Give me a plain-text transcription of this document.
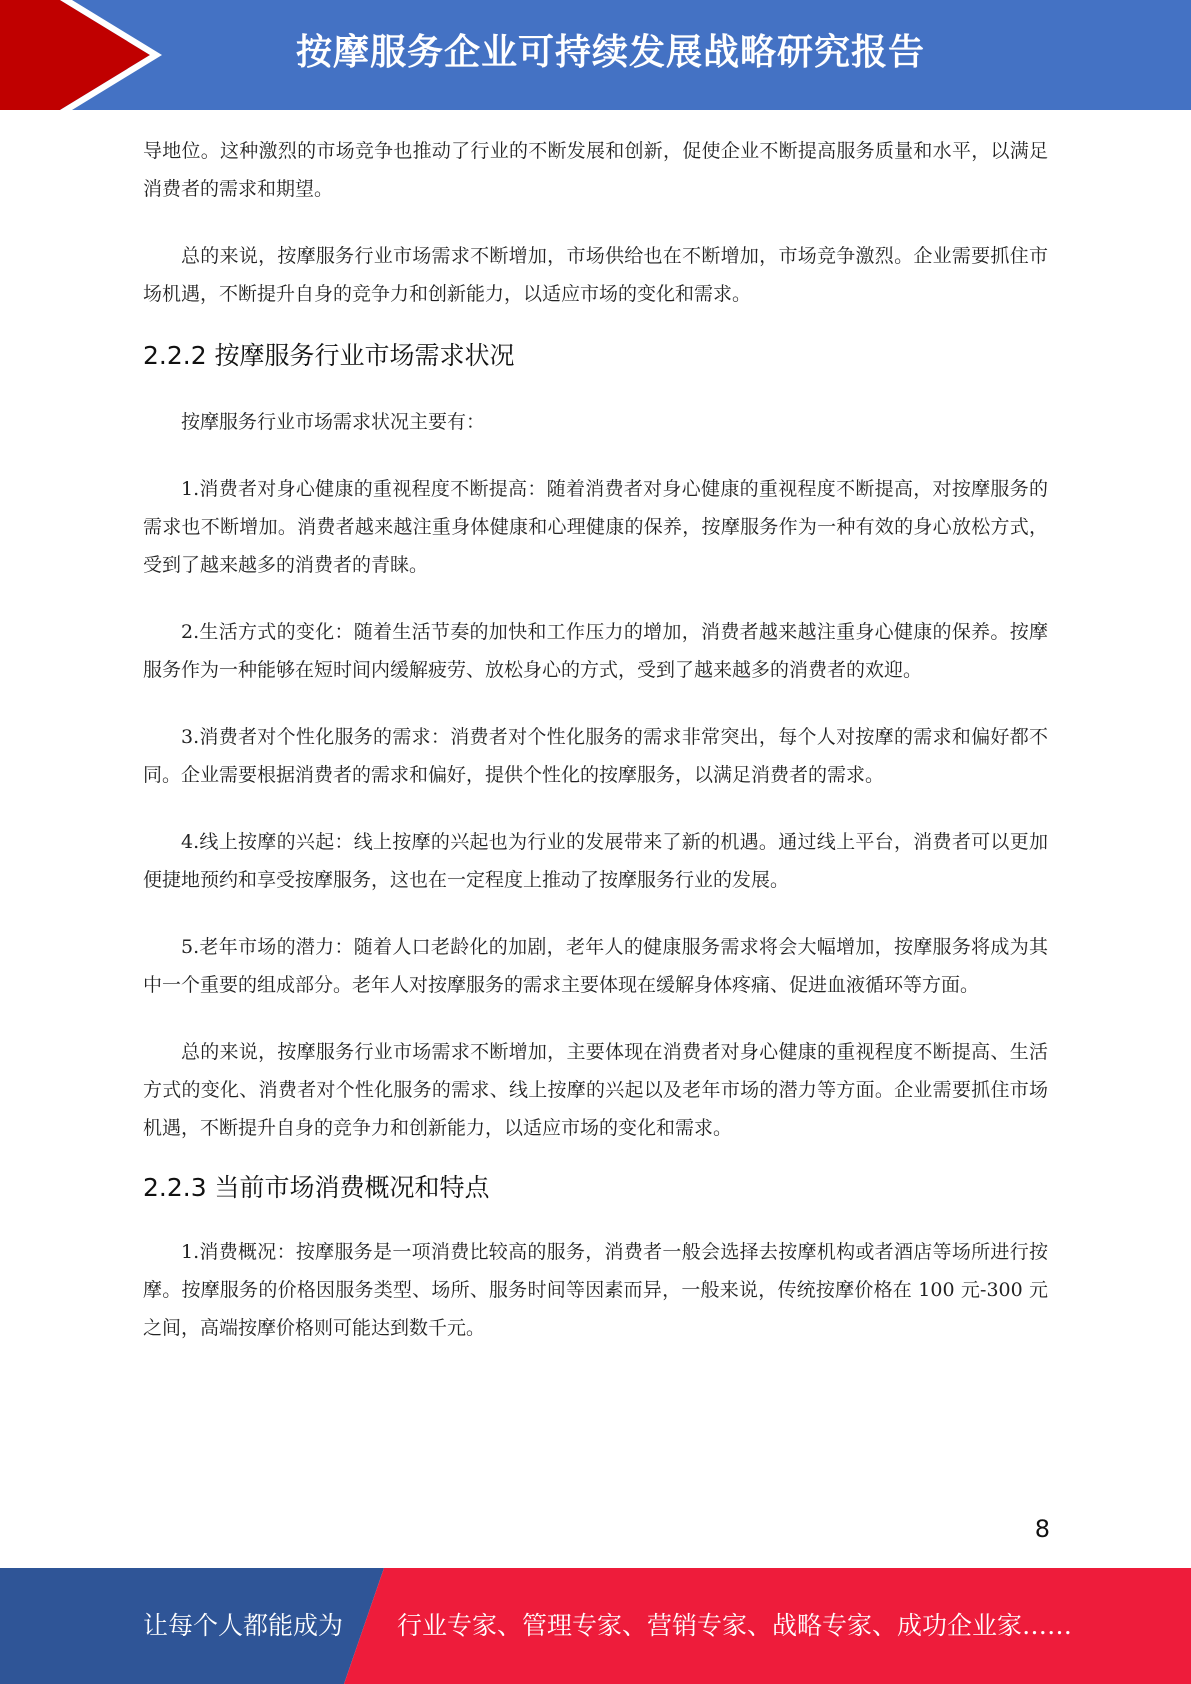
按摩服务企业可持续发展战略研究报告

导地位。这种激烈的市场竞争也推动了行业的不断发展和创新，促使企业不断提高服务质量和水平，以满足消费者的需求和期望。

总的来说，按摩服务行业市场需求不断增加，市场供给也在不断增加，市场竞争激烈。企业需要抓住市场机遇，不断提升自身的竞争力和创新能力，以适应市场的变化和需求。

2.2.2 按摩服务行业市场需求状况

按摩服务行业市场需求状况主要有：

1.消费者对身心健康的重视程度不断提高：随着消费者对身心健康的重视程度不断提高，对按摩服务的需求也不断增加。消费者越来越注重身体健康和心理健康的保养，按摩服务作为一种有效的身心放松方式，受到了越来越多的消费者的青睐。

2.生活方式的变化：随着生活节奏的加快和工作压力的增加，消费者越来越注重身心健康的保养。按摩服务作为一种能够在短时间内缓解疲劳、放松身心的方式，受到了越来越多的消费者的欢迎。

3.消费者对个性化服务的需求：消费者对个性化服务的需求非常突出，每个人对按摩的需求和偏好都不同。企业需要根据消费者的需求和偏好，提供个性化的按摩服务，以满足消费者的需求。

4.线上按摩的兴起：线上按摩的兴起也为行业的发展带来了新的机遇。通过线上平台，消费者可以更加便捷地预约和享受按摩服务，这也在一定程度上推动了按摩服务行业的发展。

5.老年市场的潜力：随着人口老龄化的加剧，老年人的健康服务需求将会大幅增加，按摩服务将成为其中一个重要的组成部分。老年人对按摩服务的需求主要体现在缓解身体疼痛、促进血液循环等方面。

总的来说，按摩服务行业市场需求不断增加，主要体现在消费者对身心健康的重视程度不断提高、生活方式的变化、消费者对个性化服务的需求、线上按摩的兴起以及老年市场的潜力等方面。企业需要抓住市场机遇，不断提升自身的竞争力和创新能力，以适应市场的变化和需求。

2.2.3 当前市场消费概况和特点

1.消费概况：按摩服务是一项消费比较高的服务，消费者一般会选择去按摩机构或者酒店等场所进行按摩。按摩服务的价格因服务类型、场所、服务时间等因素而异，一般来说，传统按摩价格在 100 元-300 元之间，高端按摩价格则可能达到数千元。

8
让每个人都能成为 行业专家、管理专家、营销专家、战略专家、成功企业家……
